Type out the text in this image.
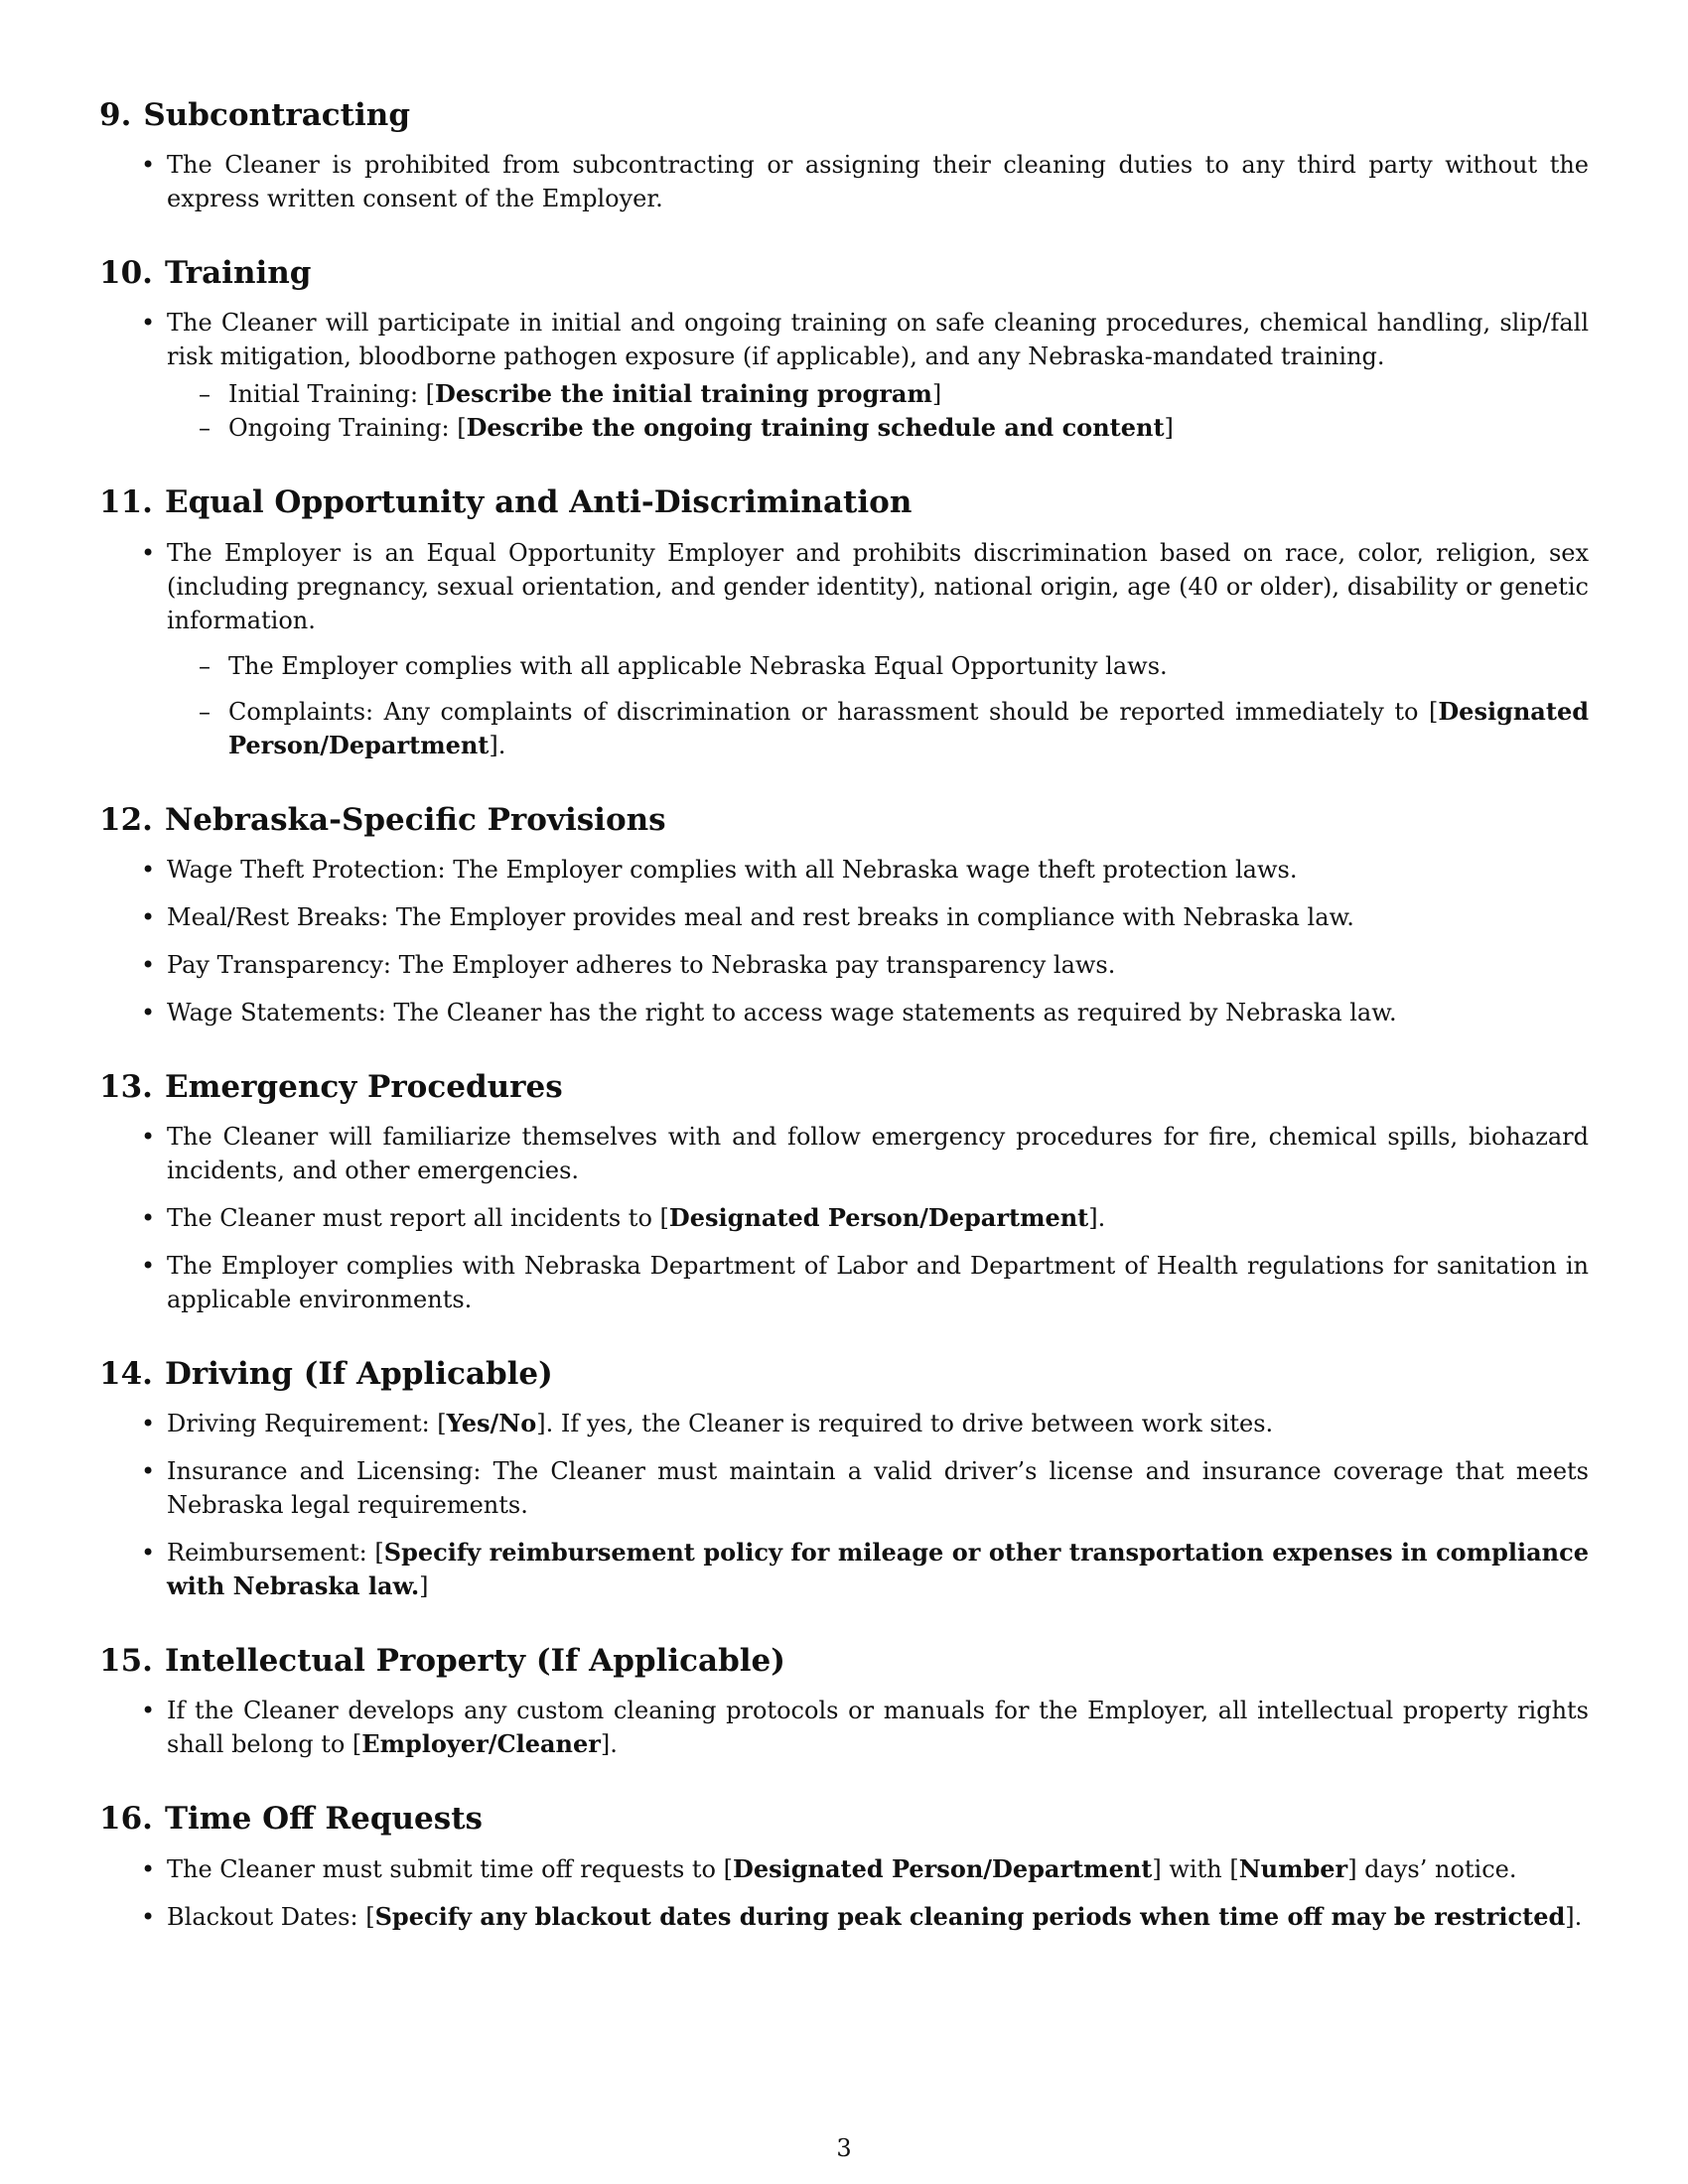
9. Subcontracting
• The Cleaner is prohibited from subcontracting or assigning their cleaning duties to any third party without the express written consent of the Employer.
10. Training
• The Cleaner will participate in initial and ongoing training on safe cleaning procedures, chemical handling, slip/fall risk mitigation, bloodborne pathogen exposure (if applicable), and any Nebraska-mandated training.
– Initial Training: [Describe the initial training program]
– Ongoing Training: [Describe the ongoing training schedule and content]
11. Equal Opportunity and Anti-Discrimination
• The Employer is an Equal Opportunity Employer and prohibits discrimination based on race, color, religion, sex (including pregnancy, sexual orientation, and gender identity), national origin, age (40 or older), disability or genetic information.
– The Employer complies with all applicable Nebraska Equal Opportunity laws.
– Complaints: Any complaints of discrimination or harassment should be reported immediately to [Designated Person/Department].
12. Nebraska-Specific Provisions
• Wage Theft Protection: The Employer complies with all Nebraska wage theft protection laws.
• Meal/Rest Breaks: The Employer provides meal and rest breaks in compliance with Nebraska law.
• Pay Transparency: The Employer adheres to Nebraska pay transparency laws.
• Wage Statements: The Cleaner has the right to access wage statements as required by Nebraska law.
13. Emergency Procedures
• The Cleaner will familiarize themselves with and follow emergency procedures for fire, chemical spills, biohazard incidents, and other emergencies.
• The Cleaner must report all incidents to [Designated Person/Department].
• The Employer complies with Nebraska Department of Labor and Department of Health regulations for sanitation in applicable environments.
14. Driving (If Applicable)
• Driving Requirement: [Yes/No]. If yes, the Cleaner is required to drive between work sites.
• Insurance and Licensing: The Cleaner must maintain a valid driver’s license and insurance coverage that meets Nebraska legal requirements.
• Reimbursement: [Specify reimbursement policy for mileage or other transportation expenses in compliance with Nebraska law.]
15. Intellectual Property (If Applicable)
• If the Cleaner develops any custom cleaning protocols or manuals for the Employer, all intellectual property rights shall belong to [Employer/Cleaner].
16. Time Off Requests
• The Cleaner must submit time off requests to [Designated Person/Department] with [Number] days’ notice.
• Blackout Dates: [Specify any blackout dates during peak cleaning periods when time off may be restricted].
3
